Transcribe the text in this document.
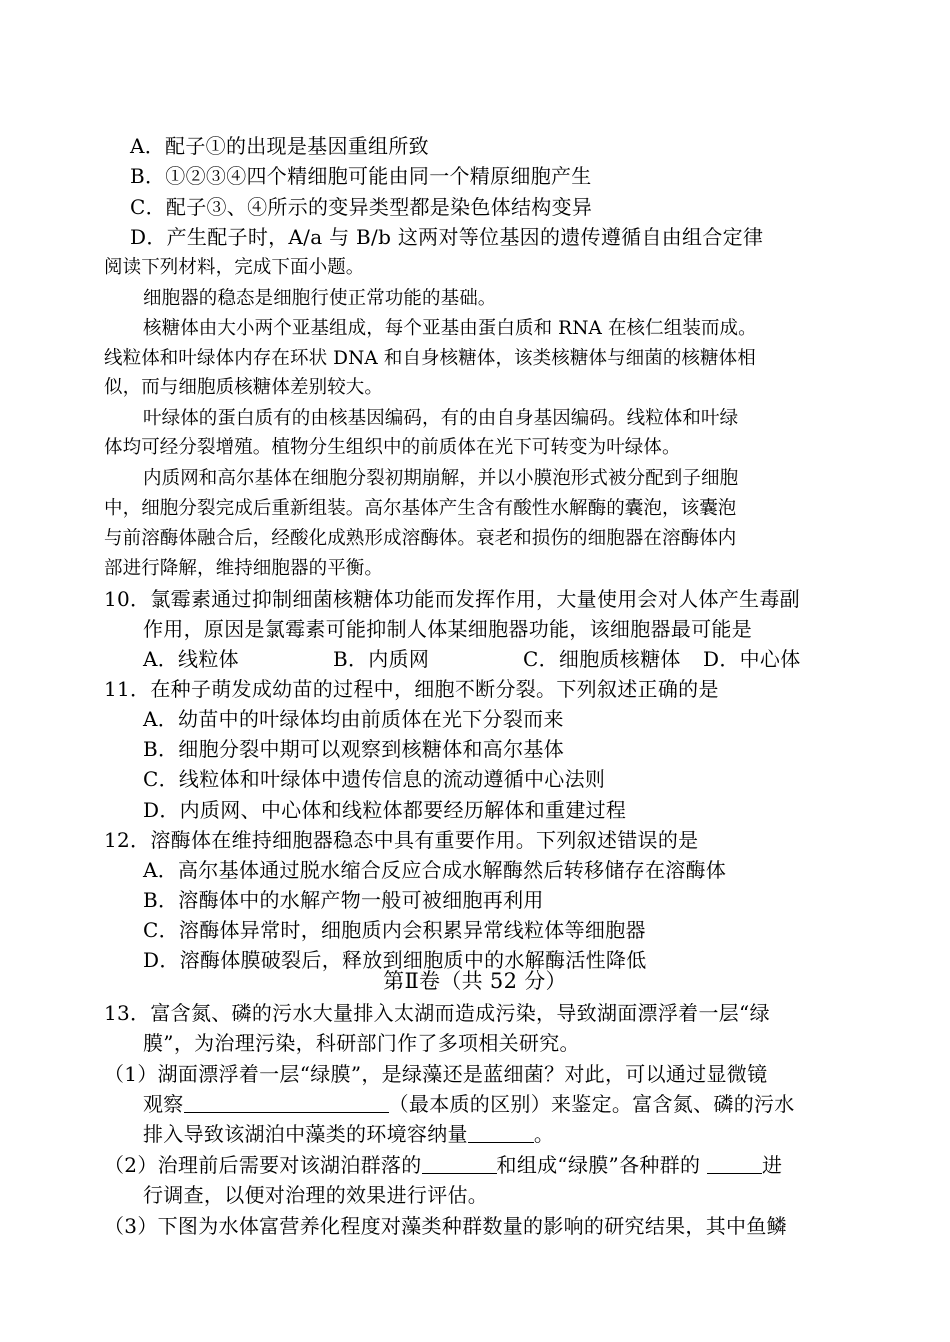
A．配子①的出现是基因重组所致
B．①②③④四个精细胞可能由同一个精原细胞产生
C．配子③、④所示的变异类型都是染色体结构变异
D．产生配子时，A/a 与 B/b 这两对等位基因的遗传遵循自由组合定律
阅读下列材料，完成下面小题。
细胞器的稳态是细胞行使正常功能的基础。
核糖体由大小两个亚基组成，每个亚基由蛋白质和 RNA 在核仁组装而成。
线粒体和叶绿体内存在环状 DNA 和自身核糖体，该类核糖体与细菌的核糖体相
似，而与细胞质核糖体差别较大。
叶绿体的蛋白质有的由核基因编码，有的由自身基因编码。线粒体和叶绿
体均可经分裂增殖。植物分生组织中的前质体在光下可转变为叶绿体。
内质网和高尔基体在细胞分裂初期崩解，并以小膜泡形式被分配到子细胞
中，细胞分裂完成后重新组装。高尔基体产生含有酸性水解酶的囊泡，该囊泡
与前溶酶体融合后，经酸化成熟形成溶酶体。衰老和损伤的细胞器在溶酶体内
部进行降解，维持细胞器的平衡。
10．氯霉素通过抑制细菌核糖体功能而发挥作用，大量使用会对人体产生毒副
作用，原因是氯霉素可能抑制人体某细胞器功能，该细胞器最可能是
A．线粒体	B．内质网	C．细胞质核糖体 D．中心体
11．在种子萌发成幼苗的过程中，细胞不断分裂。下列叙述正确的是
A．幼苗中的叶绿体均由前质体在光下分裂而来
B．细胞分裂中期可以观察到核糖体和高尔基体
C．线粒体和叶绿体中遗传信息的流动遵循中心法则
D．内质网、中心体和线粒体都要经历解体和重建过程
12．溶酶体在维持细胞器稳态中具有重要作用。下列叙述错误的是
A．高尔基体通过脱水缩合反应合成水解酶然后转移储存在溶酶体
B．溶酶体中的水解产物一般可被细胞再利用
C．溶酶体异常时，细胞质内会积累异常线粒体等细胞器
D．溶酶体膜破裂后，释放到细胞质中的水解酶活性降低
第Ⅱ卷（共 52 分）
13．富含氮、磷的污水大量排入太湖而造成污染，导致湖面漂浮着一层“绿
膜”，为治理污染，科研部门作了多项相关研究。
（1）湖面漂浮着一层“绿膜”，是绿藻还是蓝细菌？对此，可以通过显微镜
观察	（最本质的区别）来鉴定。富含氮、磷的污水
排入导致该湖泊中藻类的环境容纳量	。
（2）治理前后需要对该湖泊群落的	和组成“绿膜”各种群的	进
行调查，以便对治理的效果进行评估。
（3）下图为水体富营养化程度对藻类种群数量的影响的研究结果，其中鱼鳞
